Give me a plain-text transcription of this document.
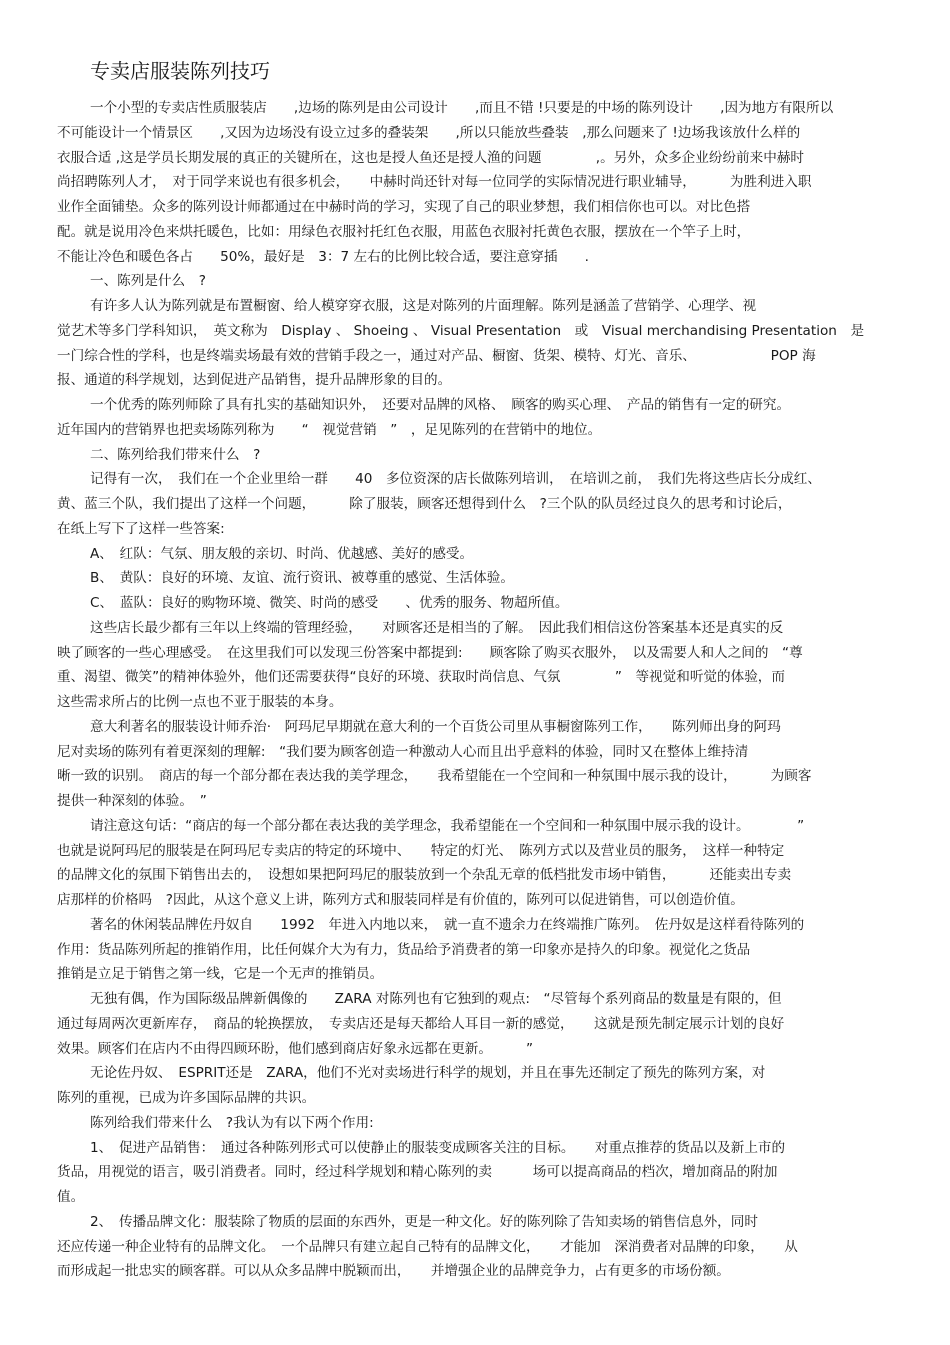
专卖店服装陈列技巧
一个小型的专卖店性质服装店　　,边场的陈列是由公司设计　　,而且不错 !只要是的中场的陈列设计　　,因为地方有限所以
不可能设计一个情景区　　,又因为边场没有设立过多的叠装架　　,所以只能放些叠装　,那么问题来了 !边场我该放什么样的
衣服合适 ,这是学员长期发展的真正的关键所在，这也是授人鱼还是授人渔的问题　　　　,。另外，众多企业纷纷前来中赫时
尚招聘陈列人才，　对于同学来说也有很多机会，　　中赫时尚还针对每一位同学的实际情况进行职业辅导，　　　为胜利进入职
业作全面铺垫。众多的陈列设计师都通过在中赫时尚的学习，实现了自己的职业梦想，我们相信你也可以。对比色搭
配。就是说用冷色来烘托暖色，比如：用绿色衣服衬托红色衣服，用蓝色衣服衬托黄色衣服，摆放在一个竿子上时，
不能让冷色和暖色各占　　50%，最好是　3：7 左右的比例比较合适，要注意穿插　　.
一、陈列是什么　?
有许多人认为陈列就是布置橱窗、给人模穿穿衣服，这是对陈列的片面理解。陈列是涵盖了营销学、心理学、视
觉艺术等多门学科知识，　英文称为　Display 、 Shoeing 、 Visual Presentation　或　Visual merchandising Presentation　是
一门综合性的学科，也是终端卖场最有效的营销手段之一，通过对产品、橱窗、货架、模特、灯光、音乐、　　　　　　POP 海
报、通道的科学规划，达到促进产品销售，提升品牌形象的目的。
一个优秀的陈列师除了具有扎实的基础知识外，　还要对品牌的风格、　顾客的购买心理、　产品的销售有一定的研究。
近年国内的营销界也把卖场陈列称为　　“　视觉营销　”　，足见陈列的在营销中的地位。
二、陈列给我们带来什么　?
记得有一次，　我们在一个企业里给一群　　40　多位资深的店长做陈列培训，　在培训之前，　我们先将这些店长分成红、
黄、蓝三个队，我们提出了这样一个问题，　　　除了服装，顾客还想得到什么　?三个队的队员经过良久的思考和讨论后，
在纸上写下了这样一些答案:
A、　红队：气氛、朋友般的亲切、时尚、优越感、美好的感受。
B、　黄队：良好的环境、友谊、流行资讯、被尊重的感觉、生活体验。
C、　蓝队：良好的购物环境、微笑、时尚的感受　　、优秀的服务、物超所值。
这些店长最少都有三年以上终端的管理经验，　　对顾客还是相当的了解。　因此我们相信这份答案基本还是真实的反
映了顾客的一些心理感受。　在这里我们可以发现三份答案中都提到:　　顾客除了购买衣服外，　以及需要人和人之间的　“尊
重、渴望、微笑”的精神体验外，他们还需要获得“良好的环境、获取时尚信息、气氛　　　　”　等视觉和听觉的体验，而
这些需求所占的比例一点也不亚于服装的本身。
意大利著名的服装设计师乔治·　阿玛尼早期就在意大利的一个百货公司里从事橱窗陈列工作，　　陈列师出身的阿玛
尼对卖场的陈列有着更深刻的理解:　“我们要为顾客创造一种激动人心而且出乎意料的体验，同时又在整体上维持清
晰一致的识别。　商店的每一个部分都在表达我的美学理念，　　我希望能在一个空间和一种氛围中展示我的设计，　　　为顾客
提供一种深刻的体验。　”
请注意这句话：“商店的每一个部分都在表达我的美学理念，我希望能在一个空间和一种氛围中展示我的设计。　　　　”
也就是说阿玛尼的服装是在阿玛尼专卖店的特定的环境中、　　特定的灯光、　陈列方式以及营业员的服务，　这样一种特定
的品牌文化的氛围下销售出去的，　设想如果把阿玛尼的服装放到一个杂乱无章的低档批发市场中销售，　　　还能卖出专卖
店那样的价格吗　?因此，从这个意义上讲，陈列方式和服装同样是有价值的，陈列可以促进销售，可以创造价值。
著名的休闲装品牌佐丹奴自　　1992　年进入内地以来，　就一直不遗余力在终端推广陈列。　佐丹奴是这样看待陈列的
作用：货品陈列所起的推销作用，比任何媒介大为有力，货品给予消费者的第一印象亦是持久的印象。视觉化之货品
推销是立足于销售之第一线，它是一个无声的推销员。
无独有偶，作为国际级品牌新偶像的　　ZARA 对陈列也有它独到的观点:　“尽管每个系列商品的数量是有限的，但
通过每周两次更新库存，　商品的轮换摆放，　专卖店还是每天都给人耳目一新的感觉，　　这就是预先制定展示计划的良好
效果。顾客们在店内不由得四顾环盼，他们感到商店好象永远都在更新。　　　”
无论佐丹奴、　ESPRIT还是　ZARA，他们不光对卖场进行科学的规划，并且在事先还制定了预先的陈列方案，对
陈列的重视，已成为许多国际品牌的共识。
陈列给我们带来什么　?我认为有以下两个作用:
1、　促进产品销售：　通过各种陈列形式可以使静止的服装变成顾客关注的目标。　　对重点推荐的货品以及新上市的
货品，用视觉的语言，吸引消费者。同时，经过科学规划和精心陈列的卖　　　场可以提高商品的档次，增加商品的附加
值。
2、　传播品牌文化：服装除了物质的层面的东西外，更是一种文化。好的陈列除了告知卖场的销售信息外，同时
还应传递一种企业特有的品牌文化。　一个品牌只有建立起自己特有的品牌文化，　　才能加　深消费者对品牌的印象，　　从
而形成起一批忠实的顾客群。可以从众多品牌中脱颖而出，　　并增强企业的品牌竞争力，占有更多的市场份额。
